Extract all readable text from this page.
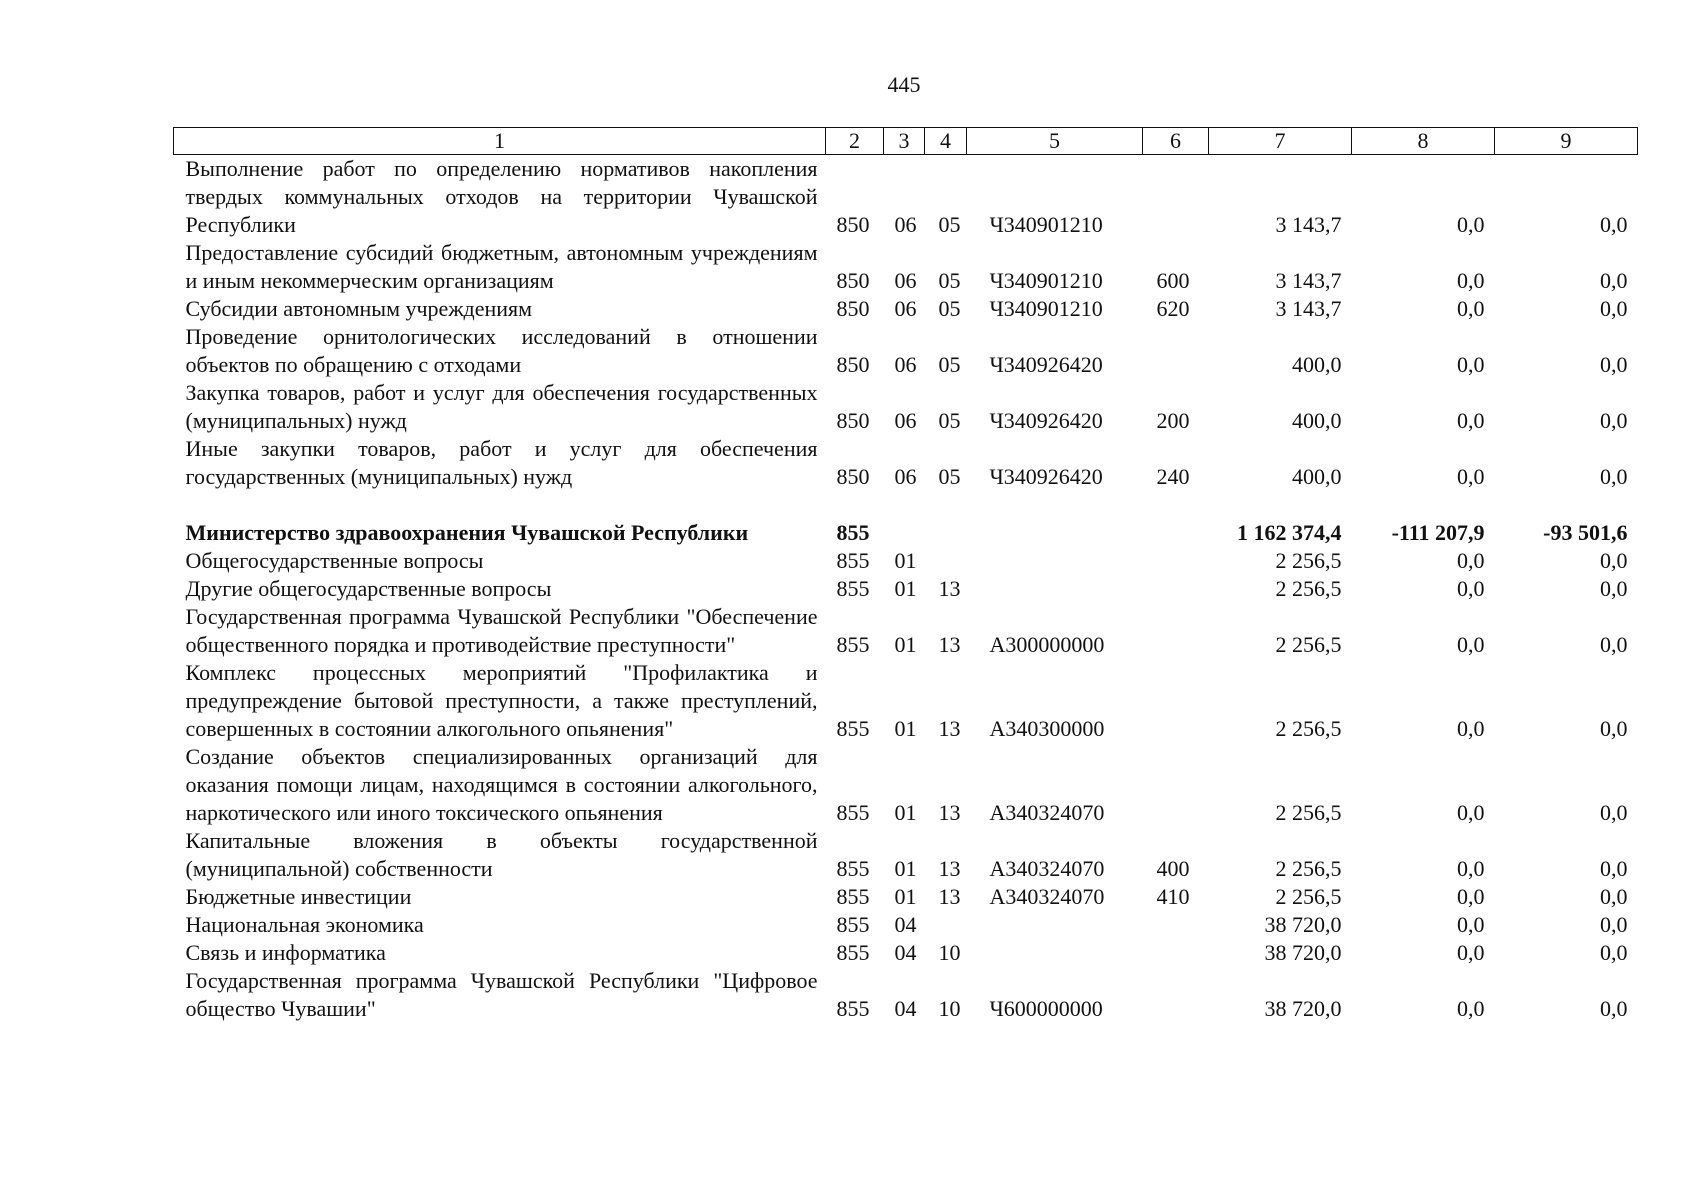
445
1	2	3	4	5	6	7	8	9
Выполнение работ по определению нормативов накопления твердых коммунальных отходов на территории Чувашской Республики	850	06	05	Ч340901210		3 143,7	0,0	0,0
Предоставление субсидий бюджетным, автономным учреждениям и иным некоммерческим организациям	850	06	05	Ч340901210	600	3 143,7	0,0	0,0
Субсидии автономным учреждениям	850	06	05	Ч340901210	620	3 143,7	0,0	0,0
Проведение орнитологических исследований в отношении объектов по обращению с отходами	850	06	05	Ч340926420		400,0	0,0	0,0
Закупка товаров, работ и услуг для обеспечения государственных (муниципальных) нужд	850	06	05	Ч340926420	200	400,0	0,0	0,0
Иные закупки товаров, работ и услуг для обеспечения государственных (муниципальных) нужд	850	06	05	Ч340926420	240	400,0	0,0	0,0

Министерство здравоохранения Чувашской Республики	855					1 162 374,4	-111 207,9	-93 501,6
Общегосударственные вопросы	855	01				2 256,5	0,0	0,0
Другие общегосударственные вопросы	855	01	13			2 256,5	0,0	0,0
Государственная программа Чувашской Республики "Обеспечение общественного порядка и противодействие преступности"	855	01	13	А300000000		2 256,5	0,0	0,0
Комплекс процессных мероприятий "Профилактика и предупреждение бытовой преступности, а также преступлений, совершенных в состоянии алкогольного опьянения"	855	01	13	А340300000		2 256,5	0,0	0,0
Создание объектов специализированных организаций для оказания помощи лицам, находящимся в состоянии алкогольного, наркотического или иного токсического опьянения	855	01	13	А340324070		2 256,5	0,0	0,0
Капитальные вложения в объекты государственной (муниципальной) собственности	855	01	13	А340324070	400	2 256,5	0,0	0,0
Бюджетные инвестиции	855	01	13	А340324070	410	2 256,5	0,0	0,0
Национальная экономика	855	04				38 720,0	0,0	0,0
Связь и информатика	855	04	10			38 720,0	0,0	0,0
Государственная программа Чувашской Республики "Цифровое общество Чувашии"	855	04	10	Ч600000000		38 720,0	0,0	0,0
